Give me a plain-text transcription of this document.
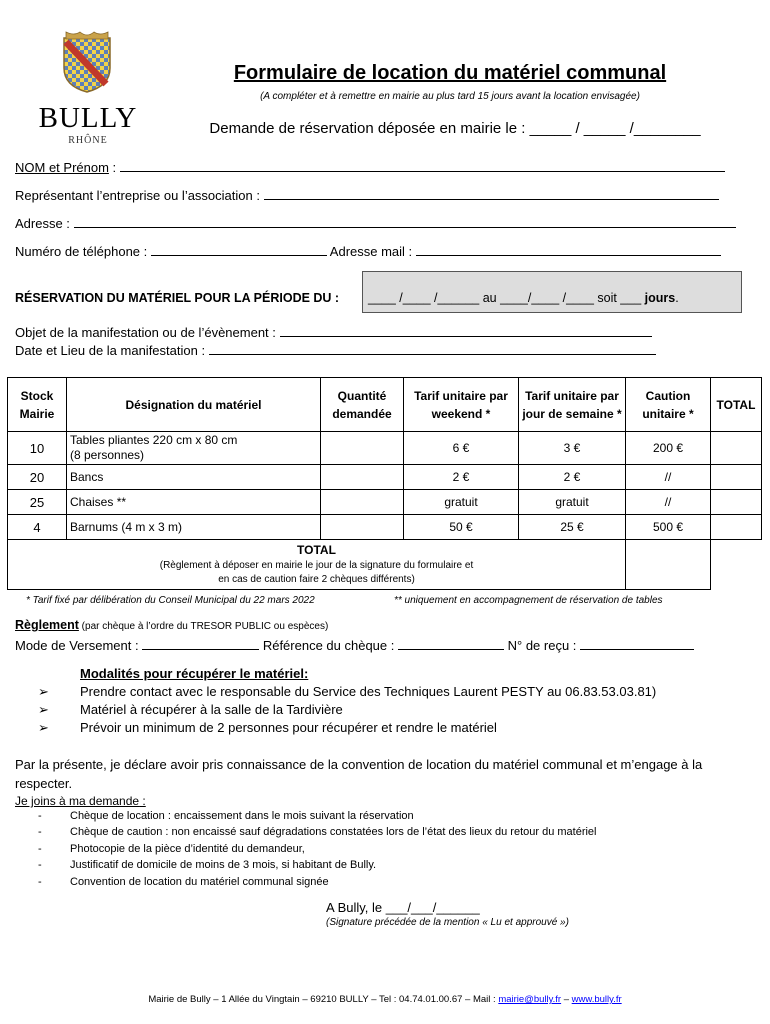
BULLY
RHÔNE
Formulaire de location du matériel communal
(A compléter et à remettre en mairie au plus tard 15 jours avant la location envisagée)
Demande de réservation déposée en mairie le : _____ / _____ /________
NOM et Prénom :
Représentant l’entreprise ou l’association :
Adresse :
Numéro de téléphone :	Adresse mail :
RÉSERVATION DU MATÉRIEL POUR LA PÉRIODE DU : ____ /____ /______ au ____/____ /____ soit ___ jours.
Objet de la manifestation ou de l’évènement :
Date et Lieu de la manifestation :
Stock Mairie	Désignation du matériel	Quantité demandée	Tarif unitaire par weekend *	Tarif unitaire par jour de semaine *	Caution unitaire *	TOTAL
10	Tables pliantes 220 cm x 80 cm
(8 personnes)		6 €	3 €	200 €	
20	Bancs		2 €	2 €	//	
25	Chaises **		gratuit	gratuit	//	
4	Barnums (4 m x 3 m)		50 €	25 €	500 €	
TOTAL
(Règlement à déposer en mairie le jour de la signature du formulaire et
en cas de caution faire 2 chèques différents)						
* Tarif fixé par délibération du Conseil Municipal du 22 mars 2022	** uniquement en accompagnement de réservation de tables
Règlement (par chèque à l’ordre du TRESOR PUBLIC ou espèces)
Mode de Versement :	Référence du chèque :	N° de reçu :
Modalités pour récupérer le matériel:
➢ Prendre contact avec le responsable du Service des Techniques Laurent PESTY au 06.83.53.03.81)
➢ Matériel à récupérer à la salle de la Tardivière
➢ Prévoir un minimum de 2 personnes pour récupérer et rendre le matériel
Par la présente, je déclare avoir pris connaissance de la convention de location du matériel communal et m’engage à la respecter.
Je joins à ma demande :
-	Chèque de location : encaissement dans le mois suivant la réservation
-	Chèque de caution : non encaissé sauf dégradations constatées lors de l’état des lieux du retour du matériel
-	Photocopie de la pièce d’identité du demandeur,
-	Justificatif de domicile de moins de 3 mois, si habitant de Bully.
-	Convention de location du matériel communal signée
A Bully, le ___/___/______
(Signature précédée de la mention « Lu et approuvé »)
Mairie de Bully – 1 Allée du Vingtain – 69210 BULLY – Tel : 04.74.01.00.67 – Mail : mairie@bully.fr – www.bully.fr
